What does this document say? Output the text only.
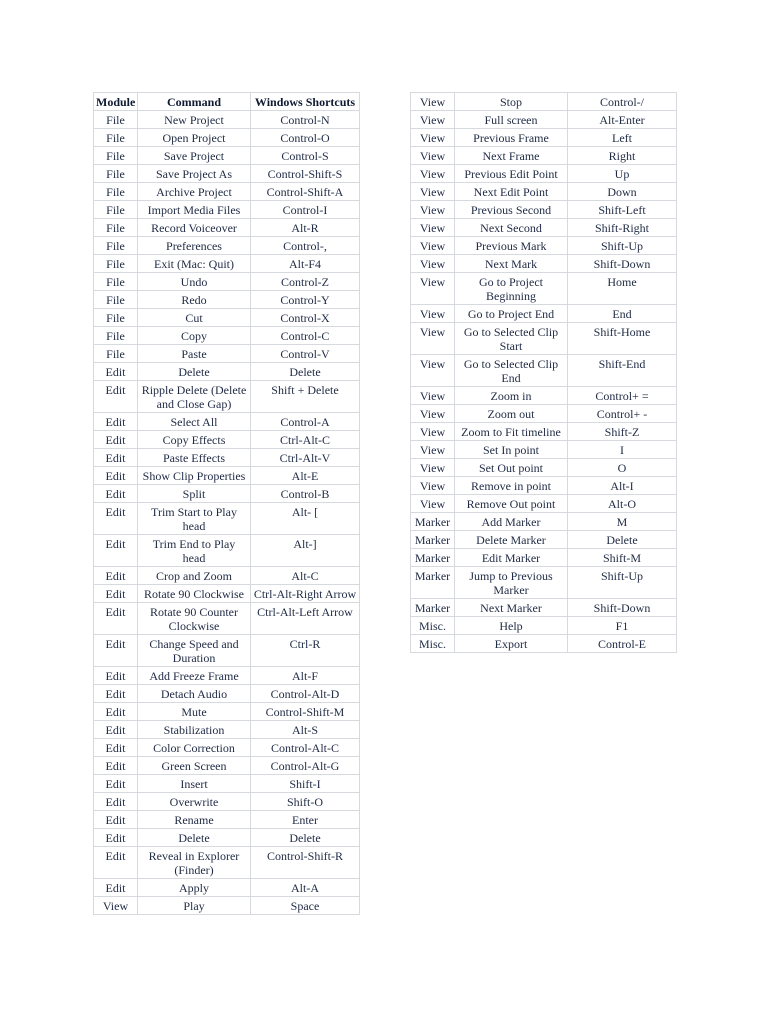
Module	Command	Windows Shortcuts
File	New Project	Control-N
File	Open Project	Control-O
File	Save Project	Control-S
File	Save Project As	Control-Shift-S
File	Archive Project	Control-Shift-A
File	Import Media Files	Control-I
File	Record Voiceover	Alt-R
File	Preferences	Control-,
File	Exit (Mac: Quit)	Alt-F4
File	Undo	Control-Z
File	Redo	Control-Y
File	Cut	Control-X
File	Copy	Control-C
File	Paste	Control-V
Edit	Delete	Delete
Edit	Ripple Delete (Delete and Close Gap)	Shift + Delete
Edit	Select All	Control-A
Edit	Copy Effects	Ctrl-Alt-C
Edit	Paste Effects	Ctrl-Alt-V
Edit	Show Clip Properties	Alt-E
Edit	Split	Control-B
Edit	Trim Start to Play head	Alt- [
Edit	Trim End to Play head	Alt-]
Edit	Crop and Zoom	Alt-C
Edit	Rotate 90 Clockwise	Ctrl-Alt-Right Arrow
Edit	Rotate 90 Counter Clockwise	Ctrl-Alt-Left Arrow
Edit	Change Speed and Duration	Ctrl-R
Edit	Add Freeze Frame	Alt-F
Edit	Detach Audio	Control-Alt-D
Edit	Mute	Control-Shift-M
Edit	Stabilization	Alt-S
Edit	Color Correction	Control-Alt-C
Edit	Green Screen	Control-Alt-G
Edit	Insert	Shift-I
Edit	Overwrite	Shift-O
Edit	Rename	Enter
Edit	Delete	Delete
Edit	Reveal in Explorer (Finder)	Control-Shift-R
Edit	Apply	Alt-A
View	Play	Space
View	Stop	Control-/
View	Full screen	Alt-Enter
View	Previous Frame	Left
View	Next Frame	Right
View	Previous Edit Point	Up
View	Next Edit Point	Down
View	Previous Second	Shift-Left
View	Next Second	Shift-Right
View	Previous Mark	Shift-Up
View	Next Mark	Shift-Down
View	Go to Project Beginning	Home
View	Go to Project End	End
View	Go to Selected Clip Start	Shift-Home
View	Go to Selected Clip End	Shift-End
View	Zoom in	Control+ =
View	Zoom out	Control+ -
View	Zoom to Fit timeline	Shift-Z
View	Set In point	I
View	Set Out point	O
View	Remove in point	Alt-I
View	Remove Out point	Alt-O
Marker	Add Marker	M
Marker	Delete Marker	Delete
Marker	Edit Marker	Shift-M
Marker	Jump to Previous Marker	Shift-Up
Marker	Next Marker	Shift-Down
Misc.	Help	F1
Misc.	Export	Control-E
